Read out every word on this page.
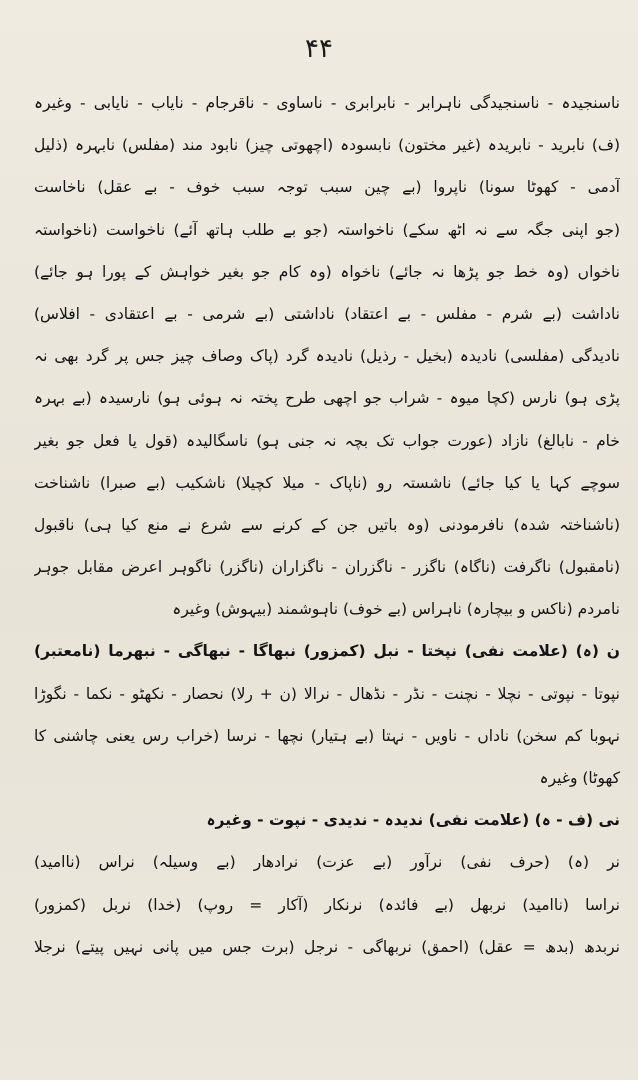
۴۴
ناسنجیدہ - ناسنجیدگی ناہرابر - نابرابری - ناساوی - ناقرجام - نایاب - نایابی - وغیرہ
(ف) نابرید - نابریدہ (غیر مختون) نابسودہ (اچھوتی چیز) نابود مند (مفلس) نابہرہ (ذلیل
آدمی - کھوٹا سونا) ناپروا (بے چین سبب توجہ سبب خوف - بے عقل) ناخاست
(جو اپنی جگہ سے نہ اٹھ سکے) ناخواستہ (جو بے طلب ہاتھ آئے) ناخواست (ناخواستہ
ناخواں (وہ خط جو پڑھا نہ جائے) ناخواہ (وہ کام جو بغیر خواہش کے پورا ہو جائے)
ناداشت (بے شرم - مفلس - بے اعتقاد) ناداشتی (بے شرمی - بے اعتقادی - افلاس)
نادیدگی (مفلسی) نادیدہ (بخیل - رذیل) نادیدہ گرد (پاک وصاف چیز جس پر گرد بھی نہ
پڑی ہو) نارس (کچا میوہ - شراب جو اچھی طرح پختہ نہ ہوئی ہو) نارسیدہ (بے بہرہ
خام - نابالغ) نازاد (عورت جواب تک بچہ نہ جنی ہو) ناسگالیدہ (قول یا فعل جو بغیر
سوچے کہا یا کیا جائے) ناشستہ رو (ناپاک - میلا کچیلا) ناشکیب (بے صبرا) ناشناخت
(ناشناختہ شدہ) نافرمودنی (وہ باتیں جن کے کرنے سے شرع نے منع کیا ہی) ناقبول
(نامقبول) ناگرفت (ناگاہ) ناگزر - ناگزران - ناگزاران (ناگزر) ناگوہر اعرض مقابل جوہر
نامردم (ناکس و بیچارہ) ناہراس (بے خوف) ناہوشمند (بیہوش) وغیرہ
ن (ہ) (علامت نفی) نپختا - نبل (کمزور) نبھاگا - نبھاگی - نبھرما (نامعتبر)
نپوتا - نپوتی - نچلا - نچنت - نڈر - نڈھال - نرالا (ن + رلا) نحصار - نکھٹو - نکما - نگوڑا
نہوبا کم سخن) ناداں - ناویں - نہتا (بے ہتیار) نچھا - نرسا (خراب رس یعنی چاشنی کا
کھوٹا) وغیرہ
نی (ف - ہ) (علامت نفی) ندیدہ - ندیدی - نپوت - وغیرہ
نر (ہ) (حرف نفی) نرآور (بے عزت) نرادھار (بے وسیلہ) نراس (ناامید)
نراسا (ناامید) نربھل (بے فائدہ) نرنکار (آکار = روپ) (خدا) نربل (کمزور)
نربدھ (بدھ = عقل) (احمق) نربھاگی - نرجل (برت جس میں پانی نہیں پیتے) نرجلا
